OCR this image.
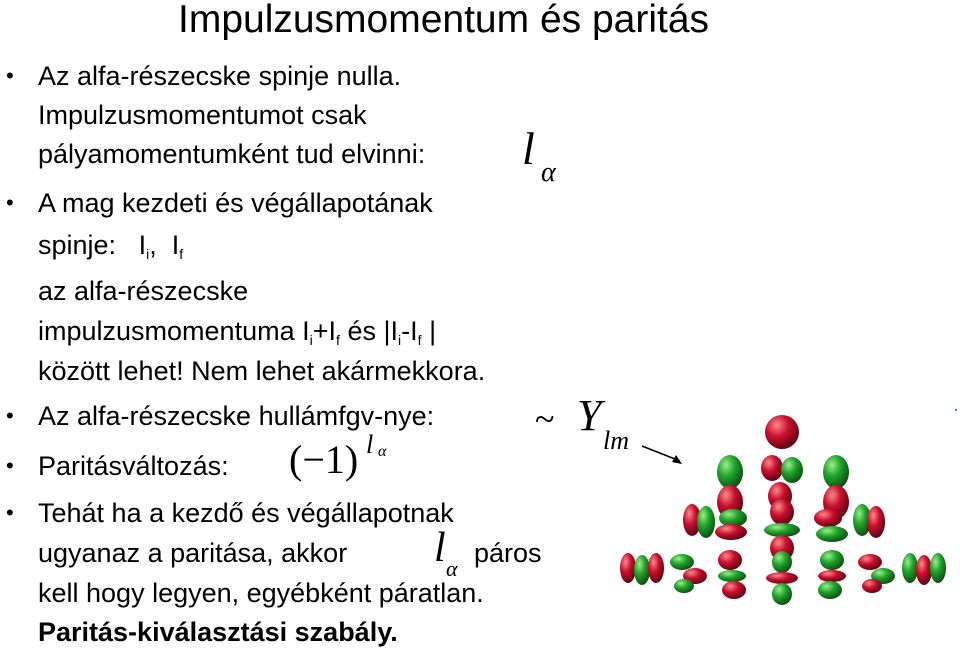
Impulzusmomentum és paritás
• Az alfa-részecske spinje nulla.
Impulzusmomentumot csak
pályamomentumként tud elvinni: l α
• A mag kezdeti és végállapotának
spinje: $I_i$, $I_f$
az alfa-részecske
impulzusmomentuma $I_i+I_f$ és $|I_i-I_f$ |
között lehet! Nem lehet akármekkora.
• Az alfa-részecske hullámfgv-nye:	~ Y
lm
• Paritásváltozás: (−1) l α
• Tehát ha a kezdő és végállapotnak
ugyanaz a paritása, akkor l α
páros
kell hogy legyen, egyébként páratlan.
Paritás-kiválasztási szabály.
